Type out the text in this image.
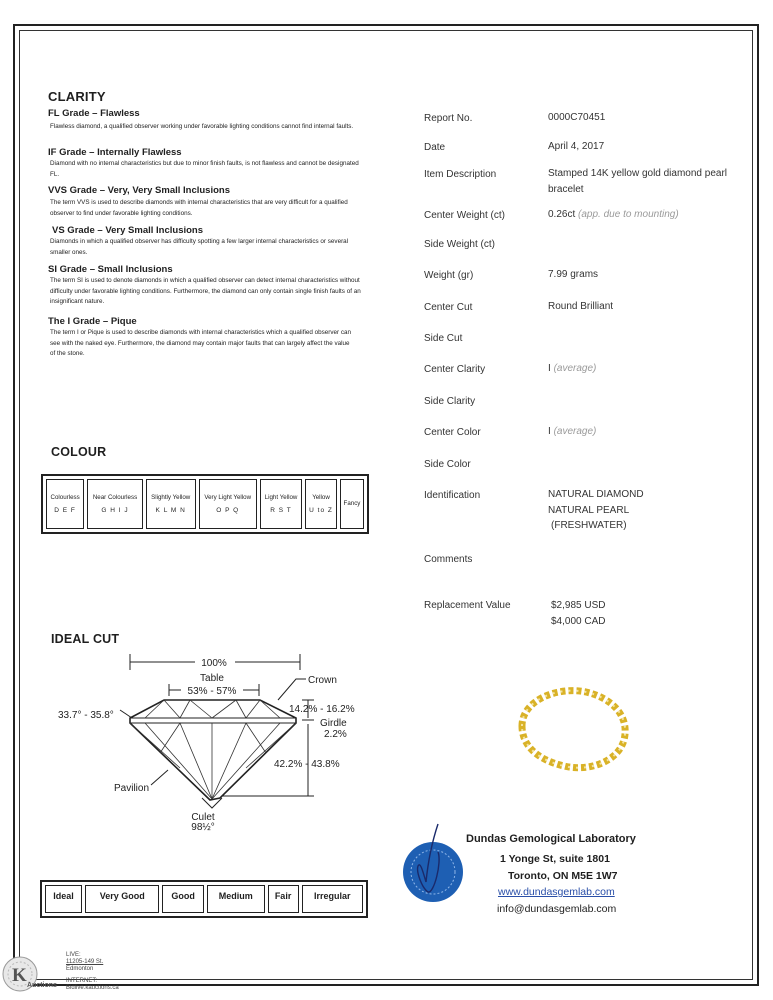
CLARITY
FL Grade – Flawless
Flawless diamond, a qualified observer working under favorable lighting conditions cannot find internal faults.
IF Grade – Internally Flawless
Diamond with no internal characteristics but due to minor finish faults, is not flawless and cannot be designated FL.
VVS Grade – Very, Very Small Inclusions
The term VVS is used to describe diamonds with internal characteristics that are very difficult for a qualified observer to find under favorable lighting conditions.
VS Grade – Very Small Inclusions
Diamonds in which a qualified observer has difficulty spotting a few larger internal characteristics or several smaller ones.
SI Grade – Small Inclusions
The term SI is used to denote diamonds in which a qualified observer can detect internal characteristics without difficulty under favorable lighting conditions. Furthermore, the diamond can only contain single finish faults of an insignificant nature.
The I Grade – Pique
The term I or Pique is used to describe diamonds with internal characteristics which a qualified observer can see with the naked eye. Furthermore, the diamond may contain major faults that can largely affect the value of the stone.
COLOUR
Colourless
D E F
	Near Colourless
G H I J
	Slightly Yellow
K L M N
	Very Light Yellow
O P Q
	Light Yellow
R S T
	Yellow
U to Z
	Fancy
IDEAL CUT
100%
Table
53% - 57%
Crown
33.7° - 35.8°
14.2% - 16.2%
Girdle
2.2%
42.2% - 43.8%
Pavilion
Culet
98½°
Ideal	Very Good	Good	Medium	Fair	Irregular
Report No.	0000C70451
Date	April 4, 2017
Item Description	Stamped 14K yellow gold diamond pearl bracelet
Center Weight (ct)	0.26ct (app. due to mounting)
Side Weight (ct)
Weight (gr)	7.99 grams
Center Cut	Round Brilliant
Side Cut
Center Clarity	I (average)
Side Clarity
Center Color	I (average)
Side Color
Identification	NATURAL DIAMOND
NATURAL PEARL
(FRESHWATER)
Comments
Replacement Value	$2,985 USD
$4,000 CAD
Dundas Gemological Laboratory
1 Yonge St, suite 1801
Toronto, ON M5E 1W7
www.dundasgemlab.com
info@dundasgemlab.com
K Auctions
LIVE:
11205-149 St.
Edmonton
INTERNET:
Bidlive.kauctions.ca
